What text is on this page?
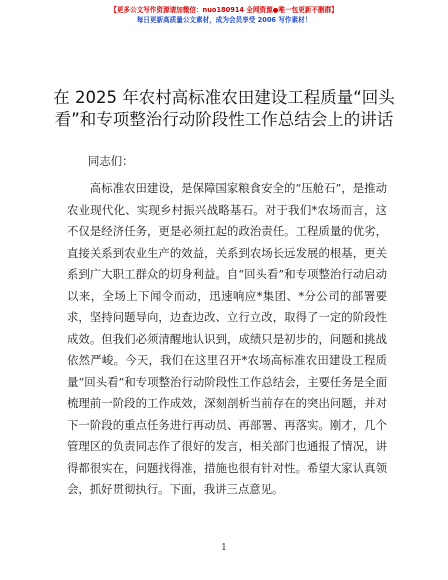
【更多公文写作资源请加微信：nuo180914 全网资源●唯一包更新不删群】
每日更新高质量公文素材，成为会员享受 2006 写作素材！
在 2025 年农村高标准农田建设工程质量“回头看”和专项整治行动阶段性工作总结会上的讲话

同志们：

高标准农田建设，是保障国家粮食安全的“压舱石”，是推动农业现代化、实现乡村振兴战略基石。对于我们*农场而言，这不仅是经济任务，更是必须扛起的政治责任。工程质量的优劣，直接关系到农业生产的效益，关系到农场长远发展的根基，更关系到广大职工群众的切身利益。自“回头看”和专项整治行动启动以来，全场上下闻令而动，迅速响应*集团、*分公司的部署要求，坚持问题导向，边查边改、立行立改，取得了一定的阶段性成效。但我们必须清醒地认识到，成绩只是初步的，问题和挑战依然严峻。今天，我们在这里召开*农场高标准农田建设工程质量“回头看”和专项整治行动阶段性工作总结会，主要任务是全面梳理前一阶段的工作成效，深刻剖析当前存在的突出问题，并对下一阶段的重点任务进行再动员、再部署、再落实。刚才，几个管理区的负责同志作了很好的发言，相关部门也通报了情况，讲得都很实在，问题找得准，措施也很有针对性。希望大家认真领会，抓好贯彻执行。下面，我讲三点意见。

1
